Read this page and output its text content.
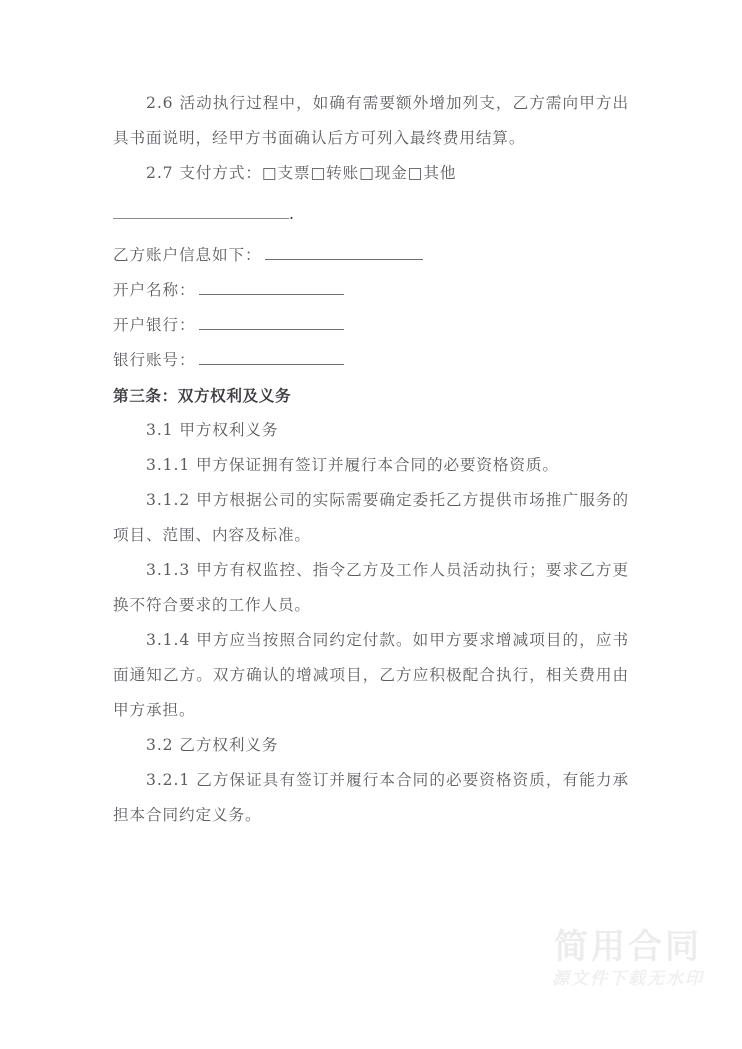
2.6 活动执行过程中，如确有需要额外增加列支，乙方需向甲方出具书面说明，经甲方书面确认后方可列入最终费用结算。

2.7 支付方式：□支票□转账□现金□其他

.

乙方账户信息如下：

开户名称：

开户银行：

银行账号：

第三条：双方权利及义务

3.1 甲方权利义务

3.1.1 甲方保证拥有签订并履行本合同的必要资格资质。

3.1.2 甲方根据公司的实际需要确定委托乙方提供市场推广服务的项目、范围、内容及标准。

3.1.3 甲方有权监控、指令乙方及工作人员活动执行；要求乙方更换不符合要求的工作人员。

3.1.4 甲方应当按照合同约定付款。如甲方要求增减项目的，应书面通知乙方。双方确认的增减项目，乙方应积极配合执行，相关费用由甲方承担。

3.2 乙方权利义务

3.2.1 乙方保证具有签订并履行本合同的必要资格资质，有能力承担本合同约定义务。

简用合同
源文件下载无水印
